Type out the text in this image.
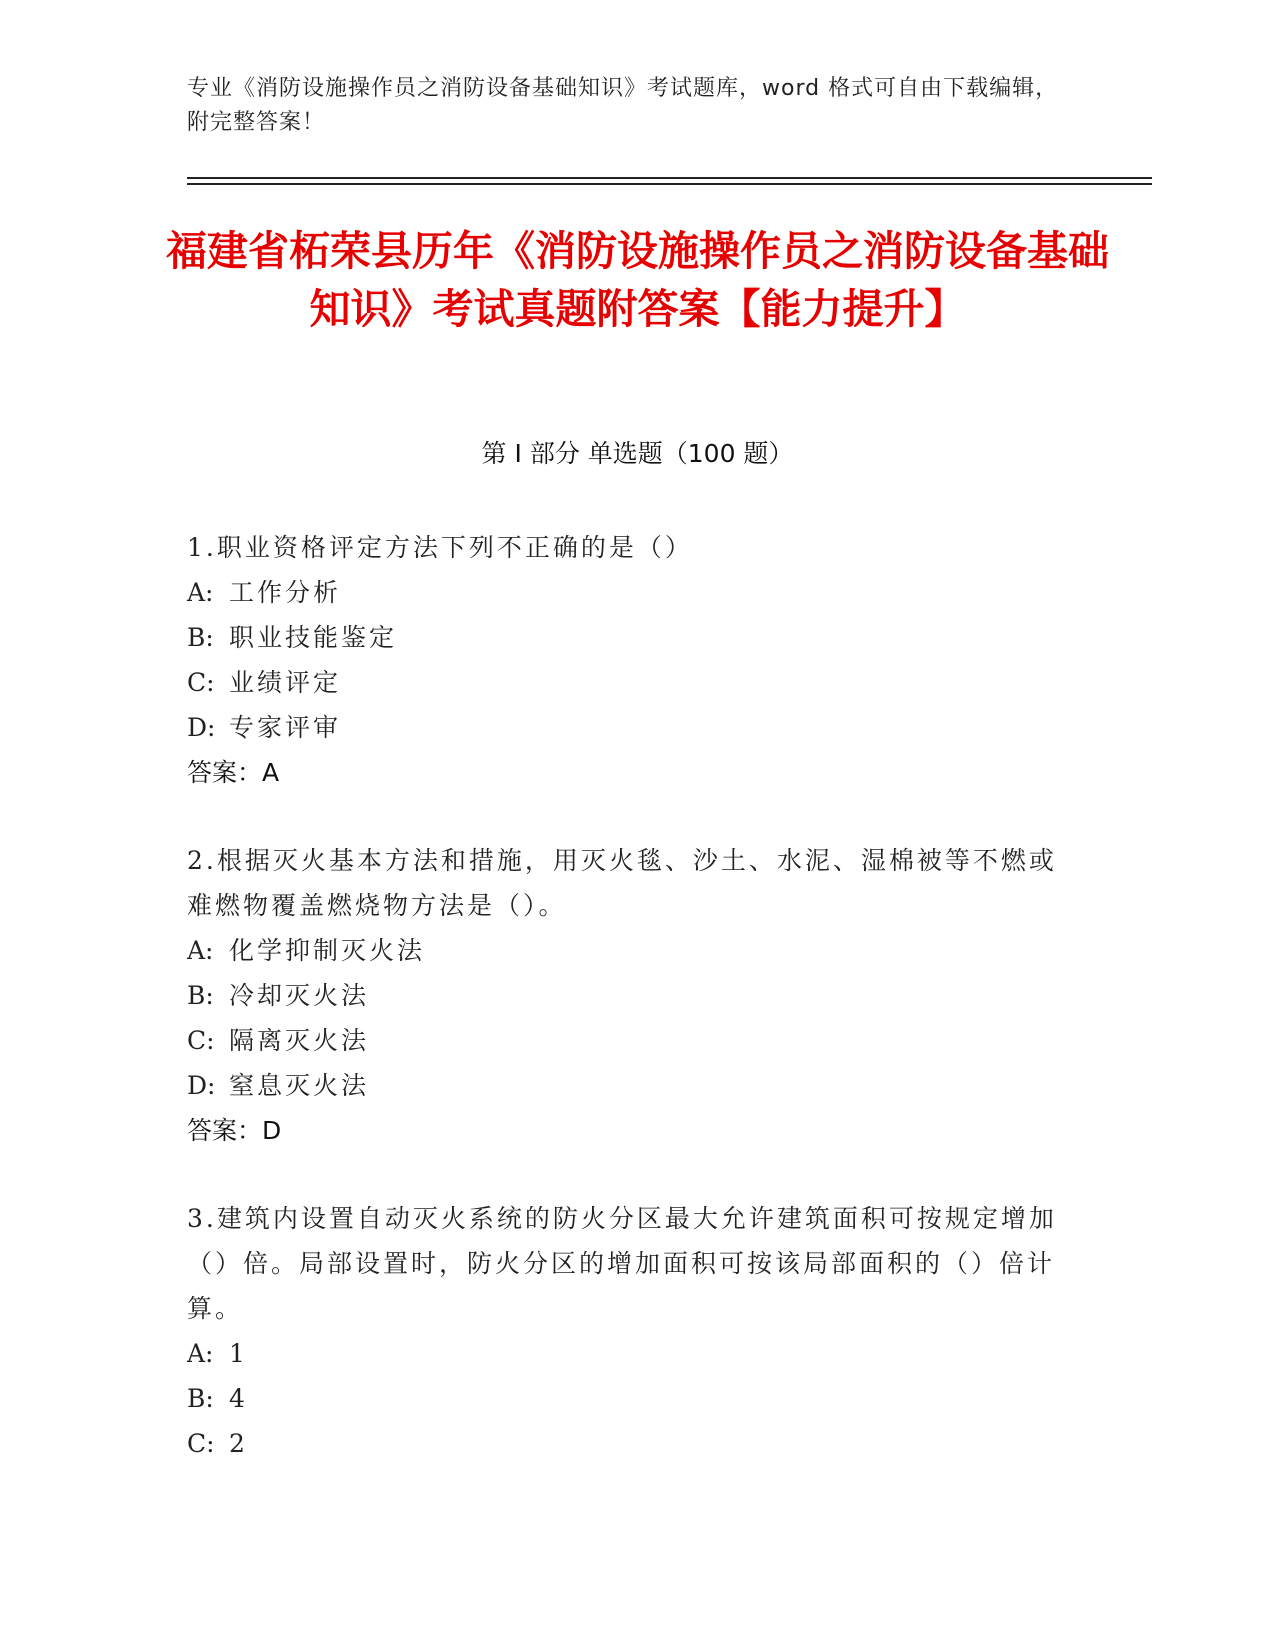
专业《消防设施操作员之消防设备基础知识》考试题库，word 格式可自由下载编辑，附完整答案！
福建省柘荣县历年《消防设施操作员之消防设备基础知识》考试真题附答案【能力提升】
第 I 部分 单选题（100 题）
1.职业资格评定方法下列不正确的是（）
A: 工作分析
B: 职业技能鉴定
C: 业绩评定
D: 专家评审
答案：A
2.根据灭火基本方法和措施，用灭火毯、沙土、水泥、湿棉被等不燃或难燃物覆盖燃烧物方法是（）。
A: 化学抑制灭火法
B: 冷却灭火法
C: 隔离灭火法
D: 窒息灭火法
答案：D
3.建筑内设置自动灭火系统的防火分区最大允许建筑面积可按规定增加（）倍。局部设置时，防火分区的增加面积可按该局部面积的（）倍计算。
A: 1
B: 4
C: 2
